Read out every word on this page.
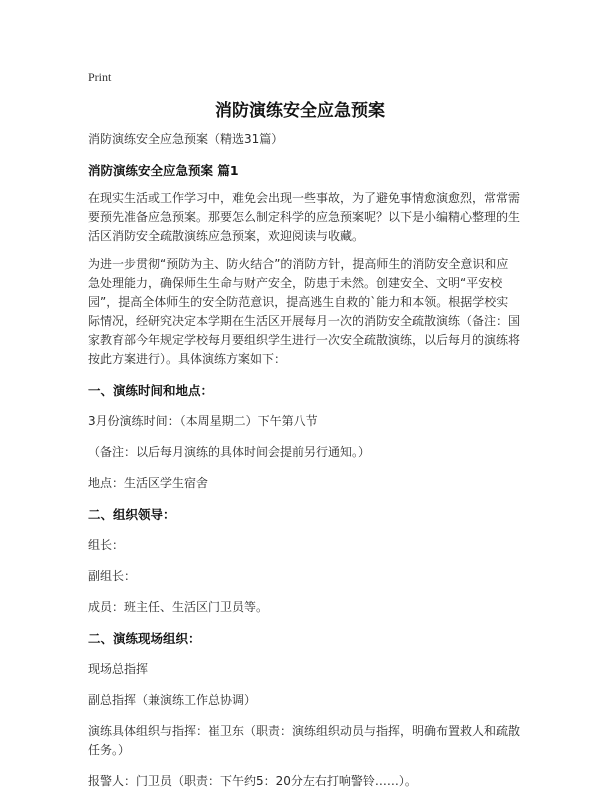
Print
消防演练安全应急预案

消防演练安全应急预案（精选31篇）

消防演练安全应急预案 篇1

在现实生活或工作学习中，难免会出现一些事故，为了避免事情愈演愈烈，常常需要预先准备应急预案。那要怎么制定科学的应急预案呢？以下是小编精心整理的生活区消防安全疏散演练应急预案，欢迎阅读与收藏。

为进一步贯彻“预防为主、防火结合”的消防方针，提高师生的消防安全意识和应急处理能力，确保师生生命与财产安全，防患于未然。创建安全、文明“平安校园”，提高全体师生的安全防范意识，提高逃生自救的`能力和本领。根据学校实际情况，经研究决定本学期在生活区开展每月一次的消防安全疏散演练（备注：国家教育部今年规定学校每月要组织学生进行一次安全疏散演练，以后每月的演练将按此方案进行）。具体演练方案如下：

一、演练时间和地点：

3月份演练时间：（本周星期二）下午第八节

（备注：以后每月演练的具体时间会提前另行通知。）

地点：生活区学生宿舍

二、组织领导：

组长：

副组长：

成员：班主任、生活区门卫员等。

二、演练现场组织：

现场总指挥

副总指挥（兼演练工作总协调）

演练具体组织与指挥：崔卫东（职责：演练组织动员与指挥，明确布置救人和疏散任务。）

报警人：门卫员（职责：下午约5：20分左右打响警铃……）。
